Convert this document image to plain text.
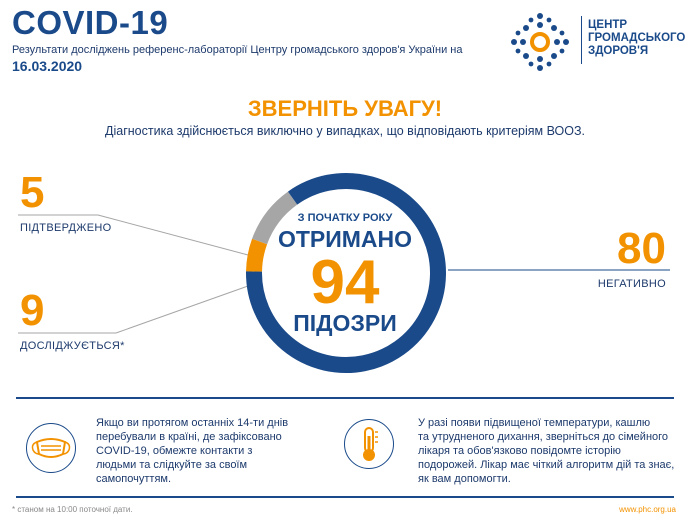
COVID-19
Результати досліджень референс-лабораторії Центру громадського здоров'я України на
16.03.2020
ЦЕНТР
ГРОМАДСЬКОГО
ЗДОРОВ'Я
ЗВЕРНІТЬ УВАГУ!
Діагностика здійснюється виключно у випадках, що відповідають критеріям ВООЗ.
5
ПІДТВЕРДЖЕНО
9
ДОСЛІДЖУЄТЬСЯ*
80
НЕГАТИВНО
З ПОЧАТКУ РОКУ
ОТРИМАНО
94
ПІДОЗРИ
Якщо ви протягом останніх 14-ти днів
перебували в країні, де зафіксовано
COVID-19, обмежте контакти з
людьми та слідкуйте за своїм
самопочуттям.
У разі появи підвищеної температури, кашлю
та утрудненого дихання, зверніться до сімейного
лікаря та обов'язково повідомте історію
подорожей. Лікар має чіткий алгоритм дій та знає,
як вам допомогти.
* станом на 10:00 поточної дати.	www.phc.org.ua
